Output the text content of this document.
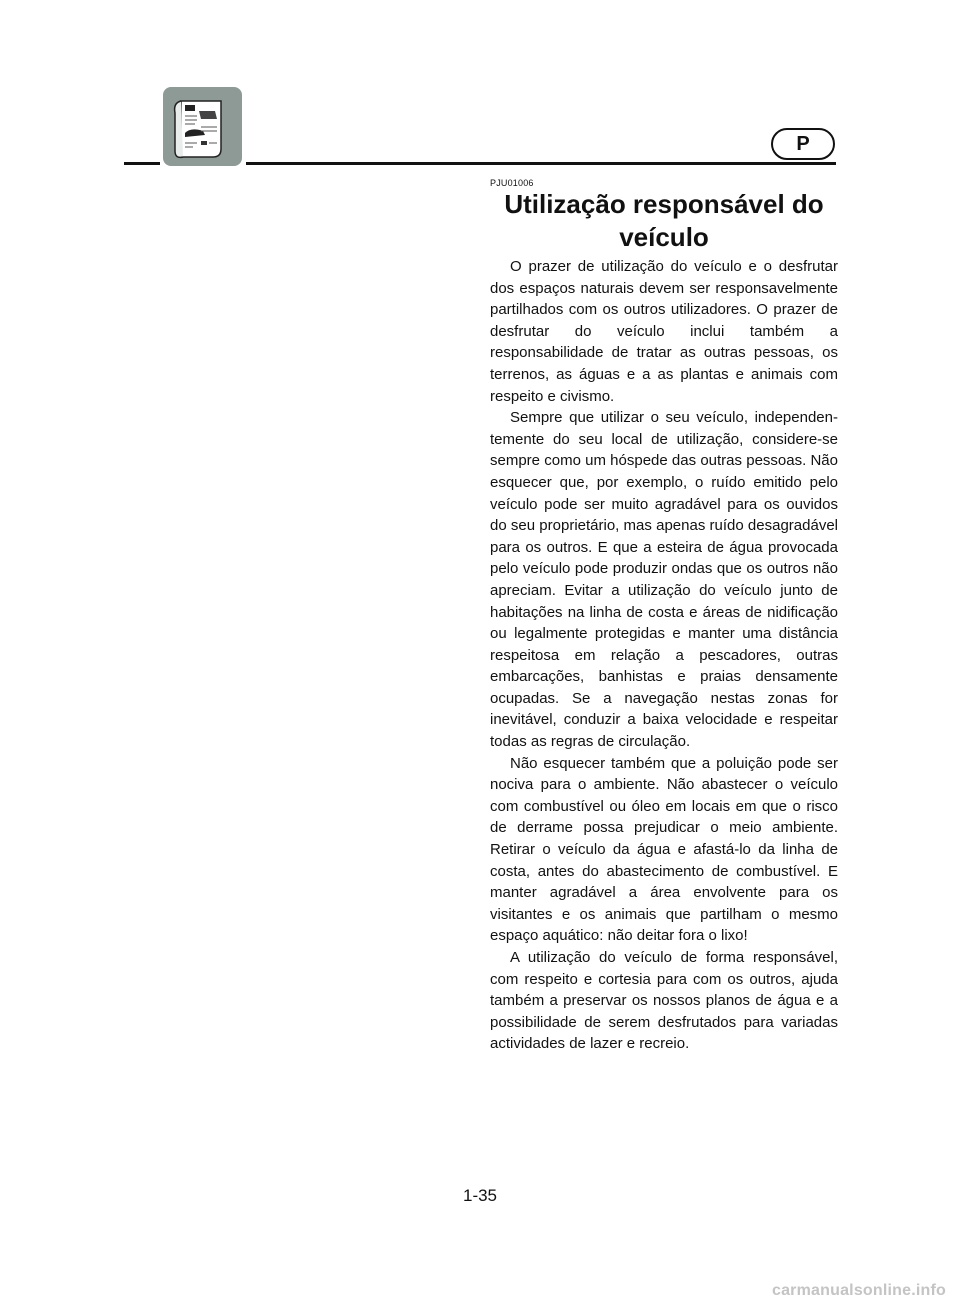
P
PJU01006
Utilização responsável do veículo

O prazer de utilização do veículo e o desfrutar dos espaços naturais devem ser responsavelmente partilhados com os outros utilizadores. O prazer de desfrutar do veículo inclui também a responsabilidade de tratar as outras pessoas, os terrenos, as águas e a as plantas e animais com respeito e civismo.

Sempre que utilizar o seu veículo, independentemente do seu local de utilização, considere-se sempre como um hóspede das outras pessoas. Não esquecer que, por exemplo, o ruído emitido pelo veículo pode ser muito agradável para os ouvidos do seu proprietário, mas apenas ruído desagradável para os outros. E que a esteira de água provocada pelo veículo pode produzir ondas que os outros não apreciam. Evitar a utilização do veículo junto de habitações na linha de costa e áreas de nidificação ou legalmente protegidas e manter uma distância respeitosa em relação a pescadores, outras embarcações, banhistas e praias densamente ocupadas. Se a navegação nestas zonas for inevitável, conduzir a baixa velocidade e respeitar todas as regras de circulação.

Não esquecer também que a poluição pode ser nociva para o ambiente. Não abastecer o veículo com combustível ou óleo em locais em que o risco de derrame possa prejudicar o meio ambiente. Retirar o veículo da água e afastá-lo da linha de costa, antes do abastecimento de combustível. E manter agradável a área envolvente para os visitantes e os animais que partilham o mesmo espaço aquático: não deitar fora o lixo!

A utilização do veículo de forma responsável, com respeito e cortesia para com os outros, ajuda também a preservar os nossos planos de água e a possibilidade de serem desfrutados para variadas actividades de lazer e recreio.

1-35
carmanualsonline.info
